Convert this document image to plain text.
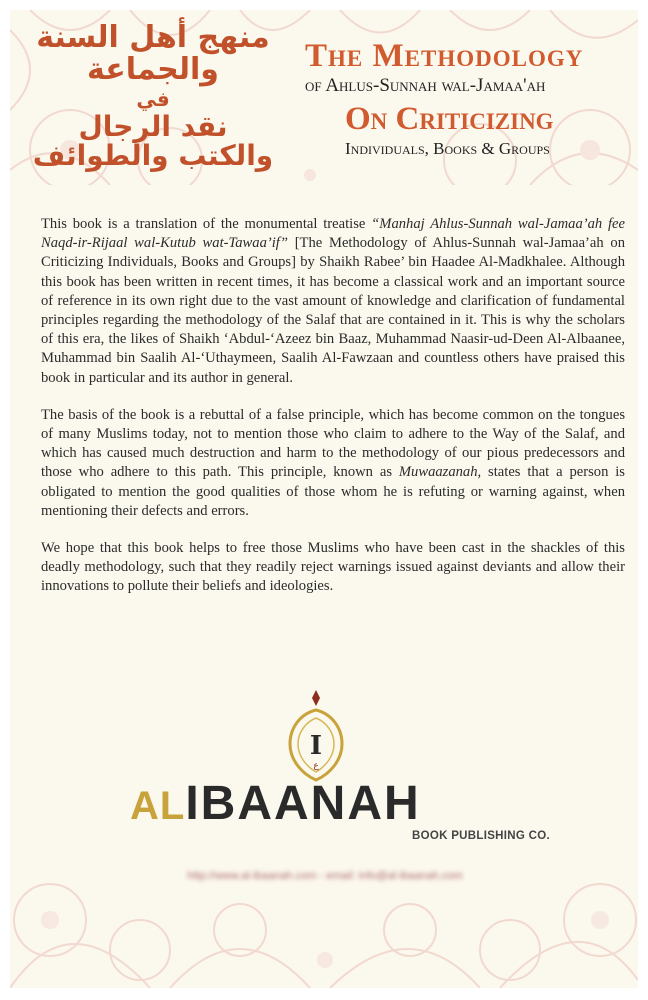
منهج أهل السنة والجماعة
في
نقد الرجال والكتب والطوائف
The Methodology
of Ahlus-Sunnah wal-Jamaa'ah
On Criticizing
Individuals, Books & Groups

This book is a translation of the monumental treatise “Manhaj Ahlus-Sunnah wal-Jamaa’ah fee Naqd-ir-Rijaal wal-Kutub wat-Tawaa’if” [The Methodology of Ahlus-Sunnah wal-Jamaa’ah on Criticizing Individuals, Books and Groups] by Shaikh Rabee’ bin Haadee Al-Madkhalee. Although this book has been written in recent times, it has become a classical work and an important source of reference in its own right due to the vast amount of knowledge and clarification of fundamental principles regarding the methodology of the Salaf that are contained in it. This is why the scholars of this era, the likes of Shaikh ‘Abdul-‘Azeez bin Baaz, Muhammad Naasir-ud-Deen Al-Albaanee, Muhammad bin Saalih Al-‘Uthaymeen, Saalih Al-Fawzaan and countless others have praised this book in particular and its author in general.

The basis of the book is a rebuttal of a false principle, which has become common on the tongues of many Muslims today, not to mention those who claim to adhere to the Way of the Salaf, and which has caused much destruction and harm to the methodology of our pious predecessors and those who adhere to this path. This principle, known as Muwaazanah, states that a person is obligated to mention the good qualities of those whom he is refuting or warning against, when mentioning their defects and errors.

We hope that this book helps to free those Muslims who have been cast in the shackles of this deadly methodology, such that they readily reject warnings issued against deviants and allow their innovations to pollute their beliefs and ideologies.

I
ع
ALIBAANAH
BOOK PUBLISHING CO.
http://www.al-ibaanah.com - email: info@al-ibaanah.com
